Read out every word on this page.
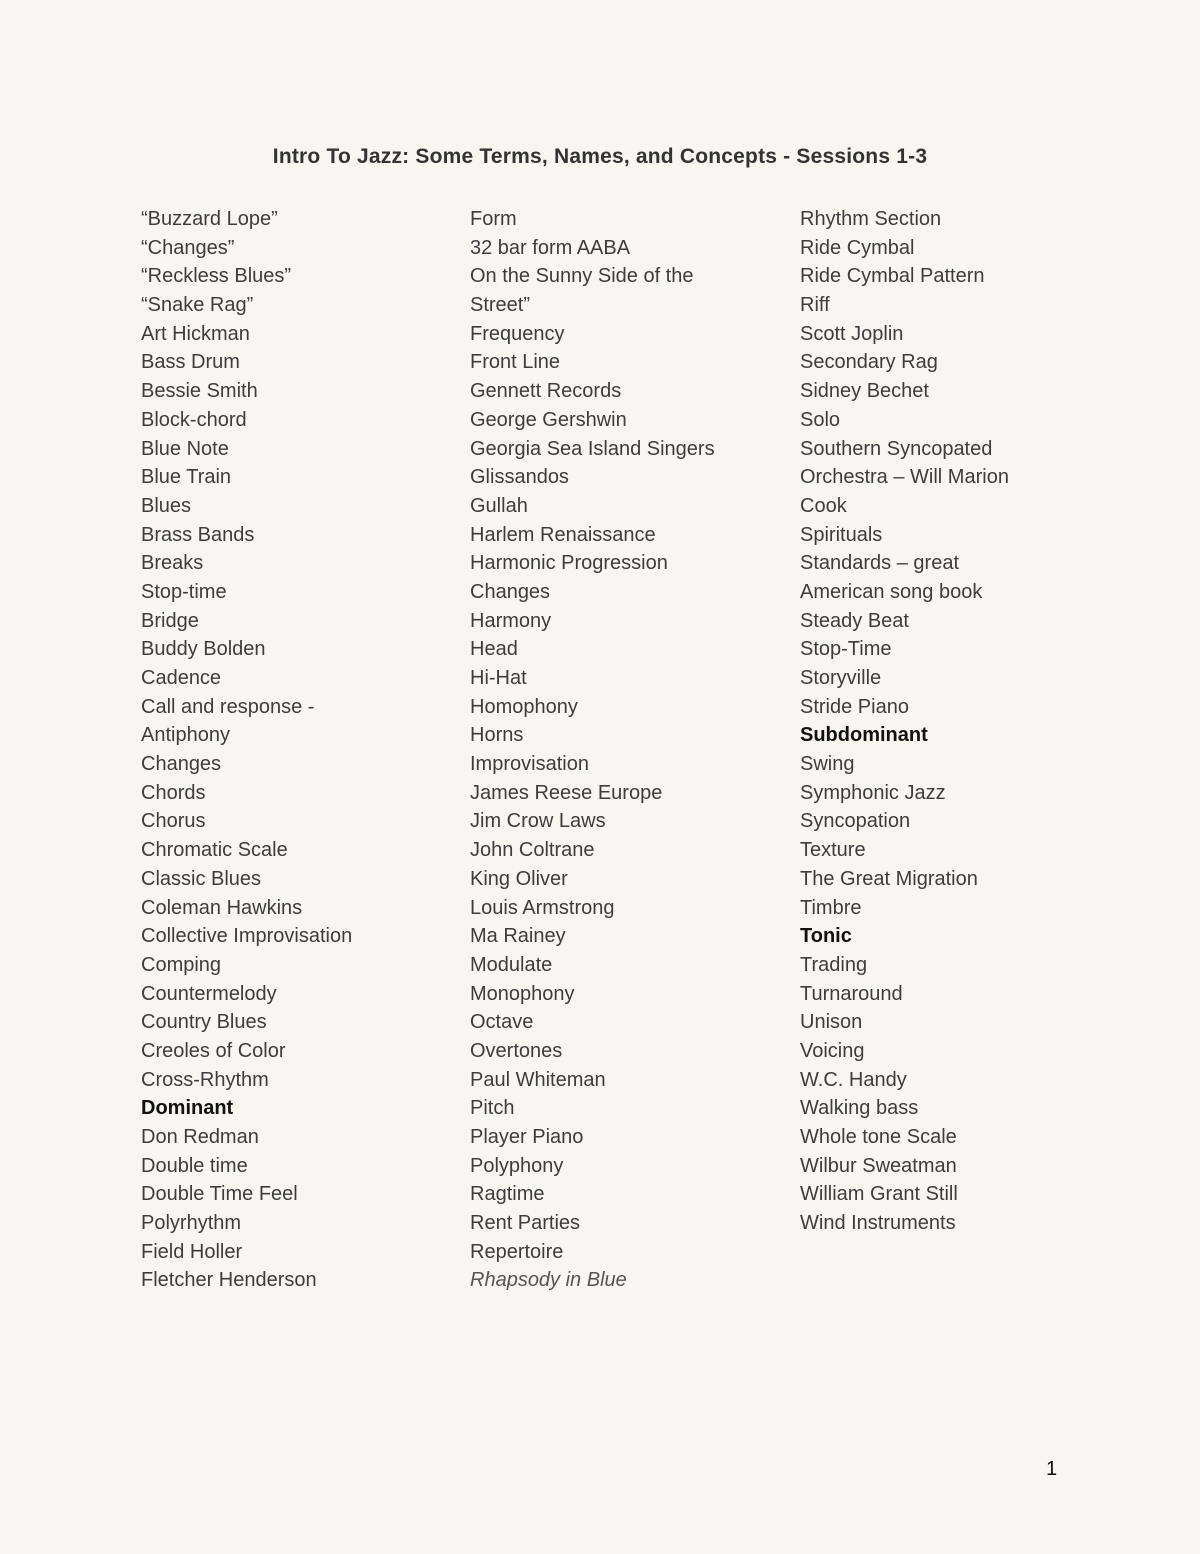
Intro To Jazz: Some Terms, Names, and Concepts - Sessions 1-3
“Buzzard Lope”
“Changes”
“Reckless Blues”
“Snake Rag”
Art Hickman
Bass Drum
Bessie Smith
Block-chord
Blue Note
Blue Train
Blues
Brass Bands
Breaks
Stop-time
Bridge
Buddy Bolden
Cadence
Call and response -
Antiphony
Changes
Chords
Chorus
Chromatic Scale
Classic Blues
Coleman Hawkins
Collective Improvisation
Comping
Countermelody
Country Blues
Creoles of Color
Cross-Rhythm
Dominant
Don Redman
Double time
Double Time Feel
Polyrhythm
Field Holler
Fletcher Henderson
Form
32 bar form AABA
On the Sunny Side of the
Street”
Frequency
Front Line
Gennett Records
George Gershwin
Georgia Sea Island Singers
Glissandos
Gullah
Harlem Renaissance
Harmonic Progression
Changes
Harmony
Head
Hi-Hat
Homophony
Horns
Improvisation
James Reese Europe
Jim Crow Laws
John Coltrane
King Oliver
Louis Armstrong
Ma Rainey
Modulate
Monophony
Octave
Overtones
Paul Whiteman
Pitch
Player Piano
Polyphony
Ragtime
Rent Parties
Repertoire
Rhapsody in Blue
Rhythm Section
Ride Cymbal
Ride Cymbal Pattern
Riff
Scott Joplin
Secondary Rag
Sidney Bechet
Solo
Southern Syncopated
Orchestra – Will Marion
Cook
Spirituals
Standards – great
American song book
Steady Beat
Stop-Time
Storyville
Stride Piano
Subdominant
Swing
Symphonic Jazz
Syncopation
Texture
The Great Migration
Timbre
Tonic
Trading
Turnaround
Unison
Voicing
W.C. Handy
Walking bass
Whole tone Scale
Wilbur Sweatman
William Grant Still
Wind Instruments
1
